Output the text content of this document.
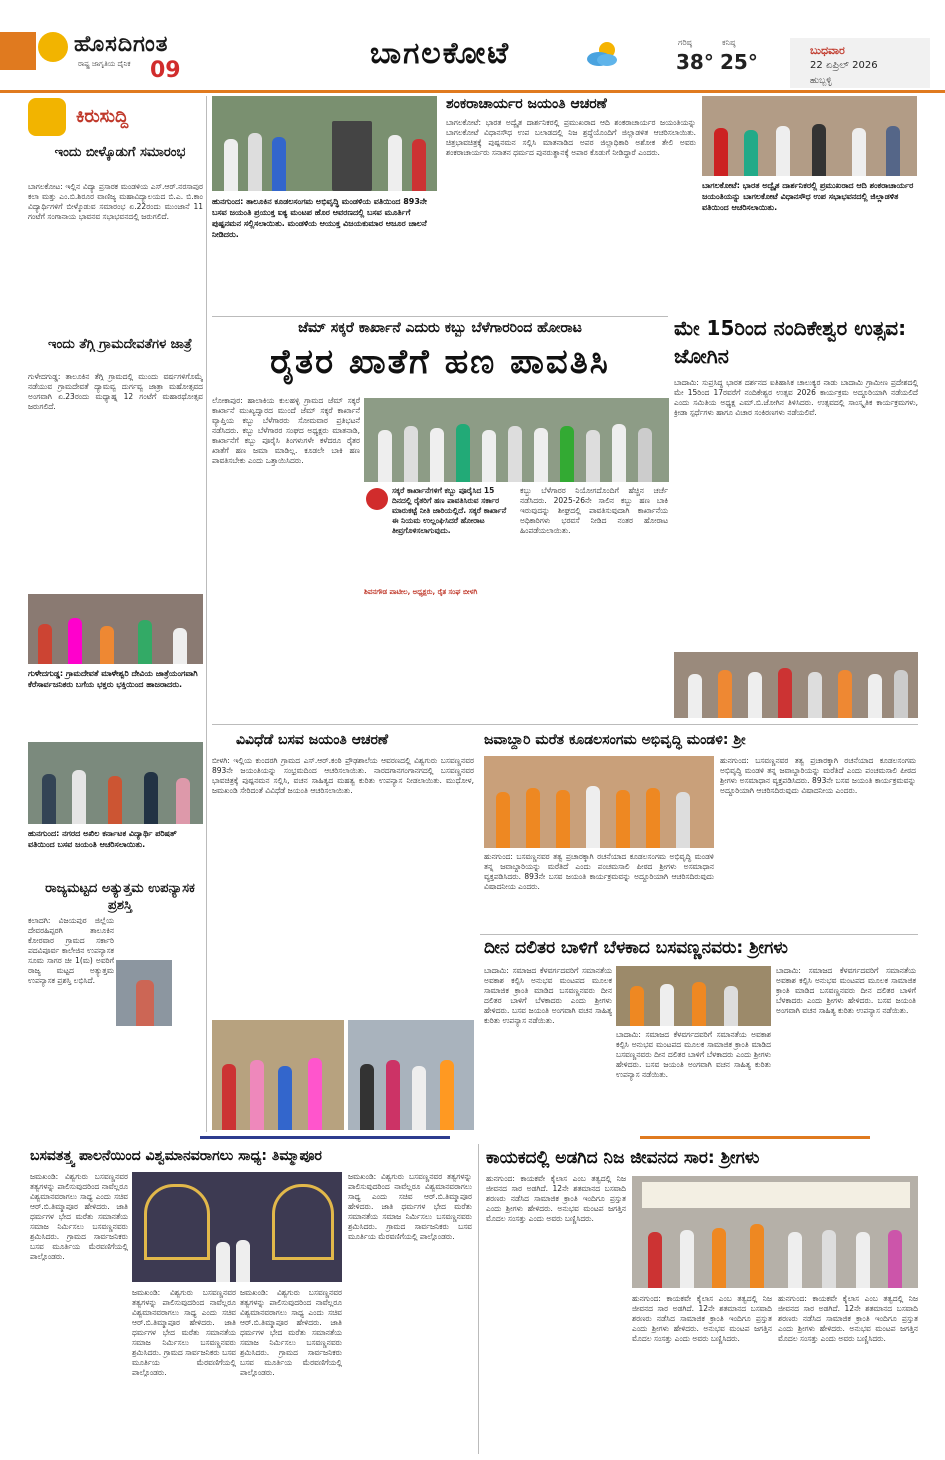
ಹೊಸದಿಗಂತ
ರಾಷ್ಟ್ರ ಜಾಗೃತಿಯ ದೈನಿಕ 09	ಬಾಗಲಕೋಟೆ	ಗರಿಷ್ಠ
38°
ಕನಿಷ್ಠ
25°	ಬುಧವಾರ
22 ಏಪ್ರಿಲ್ 2026
ಹುಬ್ಬಳ್ಳಿ
ಕಿರುಸುದ್ದಿ
ಇಂದು ಬೀಳ್ಕೊಡುಗೆ ಸಮಾರಂಭ
ಬಾಗಲಕೋಟ: ಇಲ್ಲಿನ ವಿದ್ಯಾ ಪ್ರಸಾರಕ ಮಂಡಳಿಯ ಎಸ್.ಆರ್.ನರಸಾಪುರ ಕಲಾ ಮತ್ತು ಎಂ.ಬಿ.ಶಿರೂರ ವಾಣಿಜ್ಯ ಮಹಾವಿದ್ಯಾಲಯದ ಬಿ.ಎ. ಬಿ.ಕಾಂ ವಿದ್ಯಾರ್ಥಿಗಳಿಗೆ ಬೀಳ್ಕೊಡುವ ಸಮಾರಂಭ ಏ.22ರಂದು ಮುಂಜಾನೆ 11 ಗಂಟೆಗೆ ಸಂಗಾನಾಯ ಭಾವನವ ಸಭಾಭವನದಲ್ಲಿ ಜರುಗಲಿದೆ.
ಇಂದು ತೆಗ್ಗಿ ಗ್ರಾಮದೇವತೆಗಳ ಜಾತ್ರೆ
ಗುಳೇದಗುಡ್ಡ: ತಾಲೂಕಿನ ತೆಗ್ಗಿ ಗ್ರಾಮದಲ್ಲಿ ಮುಂದು ವರ್ಷಗಳಿಗೊಮ್ಮೆ ನಡೆಯುವ ಗ್ರಾಮದೇವತೆ ದ್ಯಾಮವ್ವ ದುರ್ಗವ್ವ ಜಾತ್ರಾ ಮಹೋತ್ಸವದ ಅಂಗವಾಗಿ ಏ.23ರಂದು ಮಧ್ಯಾಹ್ನ 12 ಗಂಟೆಗೆ ಮಹಾರಥೋತ್ಸವ ಜರುಗಲಿದೆ.
ಗುಳೇದಗುಡ್ಡ: ಗ್ರಾಮದೇವತೆ ಮಾಳೇಶ್ವರಿ ದೇವಿಯ ಜಾತ್ರೆಯಂಗವಾಗಿ ಕೆರೆಸಾರ್ವಜನಿಕರು ಬಗೆಯ ಭಕ್ತರು ಭಕ್ತಿಯಿಂದ ಹಾಜರಾದರು.
ಹುನಗುಂದ: ನಗರದ ಅಖಿಲ ಕರ್ನಾಟಕ ವಿದ್ಯಾರ್ಥಿ ಪರಿಷತ್ ವತಿಯಿಂದ ಬಸವ ಜಯಂತಿ ಆಚರಿಸಲಾಯಿತು.
ರಾಜ್ಯಮಟ್ಟದ ಅತ್ಯುತ್ತಮ ಉಪನ್ಯಾಸಕ ಪ್ರಶಸ್ತಿ
ಕಲಾದಗಿ: ವಿಜಯಪುರ ಜಿಲ್ಲೆಯ ದೇವರಹಿಪ್ಪರಗಿ ತಾಲೂಕಿನ ಕೋರವಾರ ಗ್ರಾಮದ ಸರ್ಕಾರಿ ಪದವಿಪೂರ್ವ ಕಾಲೇಜಿನ ಉಪನ್ಯಾಸಕ ಸೂಮ ಸಾಗರ ಚೀ 1(ಮ) ಅವರಿಗೆ ರಾಜ್ಯ ಮಟ್ಟದ ಅತ್ಯುತ್ತಮ ಉಪನ್ಯಾಸಕ ಪ್ರಶಸ್ತಿ ಲಭಿಸಿದೆ.
ಹುನಗುಂದ: ತಾಲೂಕಿನ ಕೂಡಲಸಂಗಮ ಅಭಿವೃದ್ಧಿ ಮಂಡಳಿಯ ವತಿಯಿಂದ 893ನೇ ಬಸವ ಜಯಂತಿ ಪ್ರಯುಕ್ತ ಐಕ್ಯ ಮಂಟಪ ಹೊರ ಆವರಣದಲ್ಲಿ ಬಸವ ಮೂರ್ತಿಗೆ ಪುಷ್ಪನಮನ ಸಲ್ಲಿಸಲಾಯಿತು. ಮಂಡಳಿಯ ಆಯುಕ್ತ ವಿಜಯಕುಮಾರ ಆಜೂರ ಚಾಲನೆ ನೀಡಿದರು.
ಶಂಕರಾಚಾರ್ಯರ ಜಯಂತಿ ಆಚರಣೆ
ಬಾಗಲಕೋಟೆ: ಭಾರತ ಅದ್ವೈತ ದಾರ್ಶನಿಕರಲ್ಲಿ ಪ್ರಮುಖರಾದ ಆದಿ ಶಂಕರಾಚಾರ್ಯರ ಜಯಂತಿಯನ್ನು ಬಾಗಲಕೋಟೆ ವಿಧಾನಸೌಧ ಉಪ ಬಲಾಡದಲ್ಲಿ ನಿಜ ಶ್ರದ್ಧೆಯೊಂದಿಗೆ ಜಿಲ್ಲಾಡಳಿತ ಆಚರಿಸಲಾಯಿತು. ಚಿತ್ರಭಾವಚಿತ್ರಕ್ಕೆ ಪುಷ್ಪನಮನ ಸಲ್ಲಿಸಿ ಮಾತನಾಡಿದ ಅಪರ ಜಿಲ್ಲಾಧಿಕಾರಿ ಅಶೋಕ ತೇಲಿ ಅವರು ಶಂಕರಾಚಾರ್ಯರು ಸನಾತನ ಧರ್ಮದ ಪುನರುತ್ಥಾನಕ್ಕೆ ಅಪಾರ ಕೊಡುಗೆ ನೀಡಿದ್ದಾರೆ ಎಂದರು.
ಬಾಗಲಕೋಟೆ: ಭಾರತ ಅದ್ವೈತ ದಾರ್ಶನಿಕರಲ್ಲಿ ಪ್ರಮುಖರಾದ ಆದಿ ಶಂಕರಾಚಾರ್ಯರ ಜಯಂತಿಯನ್ನು ಬಾಗಲಕೋಟೆ ವಿಧಾನಸೌಧ ಉಪ ಸಭಾಭವನದಲ್ಲಿ ಜಿಲ್ಲಾಡಳಿತ ವತಿಯಿಂದ ಆಚರಿಸಲಾಯಿತು.
ಜೆಮ್ ಸಕ್ಕರೆ ಕಾರ್ಖಾನೆ ಎದುರು ಕಬ್ಬು ಬೆಳೆಗಾರರಿಂದ ಹೋರಾಟ
ರೈತರ ಖಾತೆಗೆ ಹಣ ಪಾವತಿಸಿ
ಲೋಕಾಪುರ: ಹಾಲಾಕಿಯ ಕುಲಹಳ್ಳಿ ಗ್ರಾಮದ ಜೆಮ್ ಸಕ್ಕರೆ ಕಾರ್ಖಾನೆ ಮುಖ್ಯದ್ವಾರದ ಮುಂದೆ ಜೆಮ್ ಸಕ್ಕರೆ ಕಾರ್ಖಾನೆ ವ್ಯಾಪ್ತಿಯ ಕಬ್ಬು ಬೆಳೆಗಾರರು ಸೋಮವಾರ ಪ್ರತಿಭಟನೆ ನಡೆಸಿದರು. ಕಬ್ಬು ಬೆಳೆಗಾರರ ಸಂಘದ ಅಧ್ಯಕ್ಷರು ಮಾತನಾಡಿ, ಕಾರ್ಖಾನೆಗೆ ಕಬ್ಬು ಪೂರೈಸಿ ತಿಂಗಳುಗಳೇ ಕಳೆದರೂ ರೈತರ ಖಾತೆಗೆ ಹಣ ಜಮಾ ಮಾಡಿಲ್ಲ. ಕೂಡಲೇ ಬಾಕಿ ಹಣ ಪಾವತಿಸಬೇಕು ಎಂದು ಒತ್ತಾಯಿಸಿದರು.
ಸಕ್ಕರೆ ಕಾರ್ಖಾನೆಗಳಿಗೆ ಕಬ್ಬು ಪೂರೈಸಿದ 15 ದಿನದಲ್ಲಿ ರೈತರಿಗೆ ಹಣ ಪಾವತಿಸಿರುವ ಸರ್ಕಾರ ಮಾರುಕಟ್ಟೆ ನೀತಿ ಜಾರಿಯಲ್ಲಿದೆ. ಸಕ್ಕರೆ ಕಾರ್ಖಾನೆ ಈ ನಿಯಮ ಉಲ್ಲಂಘಿಸಿದರೆ ಹೋರಾಟ ತೀವ್ರಗೊಳಿಸಲಾಗುವುದು.
ಶಿವನಗೌಡ ಪಾಟೀಲ, ಅಧ್ಯಕ್ಷರು, ರೈತ ಸಂಘ ಬೀಳಗಿ
ಕಬ್ಬು ಬೆಳೆಗಾರರ ನಿಯೋಗದೊಂದಿಗೆ ಹೆಚ್ಚಿನ ಚರ್ಚೆ ನಡೆಸಿದರು. 2025-26ನೇ ಸಾಲಿನ ಕಬ್ಬು ಹಣ ಬಾಕಿ ಇರುವುದನ್ನು ಶೀಘ್ರದಲ್ಲಿ ಪಾವತಿಸುವುದಾಗಿ ಕಾರ್ಖಾನೆಯ ಅಧಿಕಾರಿಗಳು ಭರವಸೆ ನೀಡಿದ ನಂತರ ಹೋರಾಟ ಹಿಂಪಡೆಯಲಾಯಿತು.
ಮೇ 15ರಿಂದ ನಂದಿಕೇಶ್ವರ ಉತ್ಸವ: ಜೋಗಿನ
ಬಾದಾಮಿ: ಸುಪ್ರಸಿದ್ಧ ಭಾರತ ದರ್ಶನದ ಐತಿಹಾಸಿಕ ಚಾಲುಕ್ಯರ ನಾಡು ಬಾದಾಮಿ ಗ್ರಾಮೀಣ ಪ್ರದೇಶದಲ್ಲಿ ಮೇ 15ರಿಂದ 17ರವರೆಗೆ ನಂದಿಕೇಶ್ವರ ಉತ್ಸವ 2026 ಕಾರ್ಯಕ್ರಮ ಅದ್ದೂರಿಯಾಗಿ ನಡೆಯಲಿದೆ ಎಂದು ಸಮಿತಿಯ ಅಧ್ಯಕ್ಷ ಎಮ್.ಬಿ.ಜೋಗಿನ ತಿಳಿಸಿದರು. ಉತ್ಸವದಲ್ಲಿ ಸಾಂಸ್ಕೃತಿಕ ಕಾರ್ಯಕ್ರಮಗಳು, ಕ್ರೀಡಾ ಸ್ಪರ್ಧೆಗಳು ಹಾಗೂ ವಿಚಾರ ಸಂಕಿರಣಗಳು ನಡೆಯಲಿವೆ.
ವಿವಿಧೆಡೆ ಬಸವ ಜಯಂತಿ ಆಚರಣೆ
ಬೀಳಗಿ: ಇಲ್ಲಿಯ ಕುಂದರಗಿ ಗ್ರಾಮದ ಎಸ್.ಆರ್.ಕಂಠಿ ಪ್ರೌಢಶಾಲೆಯ ಆವರಣದಲ್ಲಿ ವಿಶ್ವಗುರು ಬಸವಣ್ಣನವರ 893ನೇ ಜಯಂತಿಯನ್ನು ಸಂಭ್ರಮದಿಂದ ಆಚರಿಸಲಾಯಿತು. ನಾರದಗಾನಗಂಗಾನಗದಲ್ಲಿ ಬಸವಣ್ಣನವರ ಭಾವಚಿತ್ರಕ್ಕೆ ಪುಷ್ಪನಮನ ಸಲ್ಲಿಸಿ, ವಚನ ಸಾಹಿತ್ಯದ ಮಹತ್ವ ಕುರಿತು ಉಪನ್ಯಾಸ ನೀಡಲಾಯಿತು. ಮುಧೋಳ, ಜಮಖಂಡಿ ಸೇರಿದಂತೆ ವಿವಿಧೆಡೆ ಜಯಂತಿ ಆಚರಿಸಲಾಯಿತು.
ಜವಾಬ್ದಾರಿ ಮರೆತ ಕೂಡಲಸಂಗಮ ಅಭಿವೃದ್ಧಿ ಮಂಡಳಿ: ಶ್ರೀ
ಹುನಗುಂದ: ಬಸವಣ್ಣನವರ ತತ್ವ ಪ್ರಚಾರಕ್ಕಾಗಿ ರಚನೆಯಾದ ಕೂಡಲಸಂಗಮ ಅಭಿವೃದ್ಧಿ ಮಂಡಳಿ ತನ್ನ ಜವಾಬ್ದಾರಿಯನ್ನು ಮರೆತಿದೆ ಎಂದು ಪಂಚಮಸಾಲಿ ಪೀಠದ ಶ್ರೀಗಳು ಅಸಮಾಧಾನ ವ್ಯಕ್ತಪಡಿಸಿದರು. 893ನೇ ಬಸವ ಜಯಂತಿ ಕಾರ್ಯಕ್ರಮವನ್ನು ಅದ್ದೂರಿಯಾಗಿ ಆಚರಿಸದಿರುವುದು ವಿಷಾದನೀಯ ಎಂದರು.
ಹುನಗುಂದ: ಬಸವಣ್ಣನವರ ತತ್ವ ಪ್ರಚಾರಕ್ಕಾಗಿ ರಚನೆಯಾದ ಕೂಡಲಸಂಗಮ ಅಭಿವೃದ್ಧಿ ಮಂಡಳಿ ತನ್ನ ಜವಾಬ್ದಾರಿಯನ್ನು ಮರೆತಿದೆ ಎಂದು ಪಂಚಮಸಾಲಿ ಪೀಠದ ಶ್ರೀಗಳು ಅಸಮಾಧಾನ ವ್ಯಕ್ತಪಡಿಸಿದರು. 893ನೇ ಬಸವ ಜಯಂತಿ ಕಾರ್ಯಕ್ರಮವನ್ನು ಅದ್ದೂರಿಯಾಗಿ ಆಚರಿಸದಿರುವುದು ವಿಷಾದನೀಯ ಎಂದರು.
ದೀನ ದಲಿತರ ಬಾಳಿಗೆ ಬೆಳಕಾದ ಬಸವಣ್ಣನವರು: ಶ್ರೀಗಳು
ಬಾದಾಮಿ: ಸಮಾಜದ ಕೆಳವರ್ಗದವರಿಗೆ ಸಮಾನತೆಯ ಅವಕಾಶ ಕಲ್ಪಿಸಿ ಅನುಭವ ಮಂಟಪದ ಮೂಲಕ ಸಾಮಾಜಿಕ ಕ್ರಾಂತಿ ಮಾಡಿದ ಬಸವಣ್ಣನವರು ದೀನ ದಲಿತರ ಬಾಳಿಗೆ ಬೆಳಕಾದರು ಎಂದು ಶ್ರೀಗಳು ಹೇಳಿದರು. ಬಸವ ಜಯಂತಿ ಅಂಗವಾಗಿ ವಚನ ಸಾಹಿತ್ಯ ಕುರಿತು ಉಪನ್ಯಾಸ ನಡೆಯಿತು.
ಬಾದಾಮಿ: ಸಮಾಜದ ಕೆಳವರ್ಗದವರಿಗೆ ಸಮಾನತೆಯ ಅವಕಾಶ ಕಲ್ಪಿಸಿ ಅನುಭವ ಮಂಟಪದ ಮೂಲಕ ಸಾಮಾಜಿಕ ಕ್ರಾಂತಿ ಮಾಡಿದ ಬಸವಣ್ಣನವರು ದೀನ ದಲಿತರ ಬಾಳಿಗೆ ಬೆಳಕಾದರು ಎಂದು ಶ್ರೀಗಳು ಹೇಳಿದರು. ಬಸವ ಜಯಂತಿ ಅಂಗವಾಗಿ ವಚನ ಸಾಹಿತ್ಯ ಕುರಿತು ಉಪನ್ಯಾಸ ನಡೆಯಿತು.
ಬಾದಾಮಿ: ಸಮಾಜದ ಕೆಳವರ್ಗದವರಿಗೆ ಸಮಾನತೆಯ ಅವಕಾಶ ಕಲ್ಪಿಸಿ ಅನುಭವ ಮಂಟಪದ ಮೂಲಕ ಸಾಮಾಜಿಕ ಕ್ರಾಂತಿ ಮಾಡಿದ ಬಸವಣ್ಣನವರು ದೀನ ದಲಿತರ ಬಾಳಿಗೆ ಬೆಳಕಾದರು ಎಂದು ಶ್ರೀಗಳು ಹೇಳಿದರು. ಬಸವ ಜಯಂತಿ ಅಂಗವಾಗಿ ವಚನ ಸಾಹಿತ್ಯ ಕುರಿತು ಉಪನ್ಯಾಸ ನಡೆಯಿತು.
ಬಸವತತ್ತ್ವ ಪಾಲನೆಯಿಂದ ವಿಶ್ವಮಾನವರಾಗಲು ಸಾಧ್ಯ: ತಿಮ್ಮಾಪೂರ
ಜಮಖಂಡಿ: ವಿಶ್ವಗುರು ಬಸವಣ್ಣನವರ ತತ್ವಗಳನ್ನು ಪಾಲಿಸುವುದರಿಂದ ನಾವೆಲ್ಲರೂ ವಿಶ್ವಮಾನವರಾಗಲು ಸಾಧ್ಯ ಎಂದು ಸಚಿವ ಆರ್.ಬಿ.ತಿಮ್ಮಾಪೂರ ಹೇಳಿದರು. ಜಾತಿ ಧರ್ಮಗಳ ಭೇದ ಮರೆತು ಸಮಾನತೆಯ ಸಮಾಜ ನಿರ್ಮಿಸಲು ಬಸವಣ್ಣನವರು ಶ್ರಮಿಸಿದರು. ಗ್ರಾಮದ ಸಾರ್ವಜನಿಕರು ಬಸವ ಮೂರ್ತಿಯ ಮೆರವಣಿಗೆಯಲ್ಲಿ ಪಾಲ್ಗೊಂಡರು.
ಜಮಖಂಡಿ: ವಿಶ್ವಗುರು ಬಸವಣ್ಣನವರ ತತ್ವಗಳನ್ನು ಪಾಲಿಸುವುದರಿಂದ ನಾವೆಲ್ಲರೂ ವಿಶ್ವಮಾನವರಾಗಲು ಸಾಧ್ಯ ಎಂದು ಸಚಿವ ಆರ್.ಬಿ.ತಿಮ್ಮಾಪೂರ ಹೇಳಿದರು. ಜಾತಿ ಧರ್ಮಗಳ ಭೇದ ಮರೆತು ಸಮಾನತೆಯ ಸಮಾಜ ನಿರ್ಮಿಸಲು ಬಸವಣ್ಣನವರು ಶ್ರಮಿಸಿದರು. ಗ್ರಾಮದ ಸಾರ್ವಜನಿಕರು ಬಸವ ಮೂರ್ತಿಯ ಮೆರವಣಿಗೆಯಲ್ಲಿ ಪಾಲ್ಗೊಂಡರು.
ಜಮಖಂಡಿ: ವಿಶ್ವಗುರು ಬಸವಣ್ಣನವರ ತತ್ವಗಳನ್ನು ಪಾಲಿಸುವುದರಿಂದ ನಾವೆಲ್ಲರೂ ವಿಶ್ವಮಾನವರಾಗಲು ಸಾಧ್ಯ ಎಂದು ಸಚಿವ ಆರ್.ಬಿ.ತಿಮ್ಮಾಪೂರ ಹೇಳಿದರು. ಜಾತಿ ಧರ್ಮಗಳ ಭೇದ ಮರೆತು ಸಮಾನತೆಯ ಸಮಾಜ ನಿರ್ಮಿಸಲು ಬಸವಣ್ಣನವರು ಶ್ರಮಿಸಿದರು. ಗ್ರಾಮದ ಸಾರ್ವಜನಿಕರು ಬಸವ ಮೂರ್ತಿಯ ಮೆರವಣಿಗೆಯಲ್ಲಿ ಪಾಲ್ಗೊಂಡರು.
ಜಮಖಂಡಿ: ವಿಶ್ವಗುರು ಬಸವಣ್ಣನವರ ತತ್ವಗಳನ್ನು ಪಾಲಿಸುವುದರಿಂದ ನಾವೆಲ್ಲರೂ ವಿಶ್ವಮಾನವರಾಗಲು ಸಾಧ್ಯ ಎಂದು ಸಚಿವ ಆರ್.ಬಿ.ತಿಮ್ಮಾಪೂರ ಹೇಳಿದರು. ಜಾತಿ ಧರ್ಮಗಳ ಭೇದ ಮರೆತು ಸಮಾನತೆಯ ಸಮಾಜ ನಿರ್ಮಿಸಲು ಬಸವಣ್ಣನವರು ಶ್ರಮಿಸಿದರು. ಗ್ರಾಮದ ಸಾರ್ವಜನಿಕರು ಬಸವ ಮೂರ್ತಿಯ ಮೆರವಣಿಗೆಯಲ್ಲಿ ಪಾಲ್ಗೊಂಡರು.
ಕಾಯಕದಲ್ಲಿ ಅಡಗಿದ ನಿಜ ಜೀವನದ ಸಾರ: ಶ್ರೀಗಳು
ಹುನಗುಂದ: ಕಾಯಕವೇ ಕೈಲಾಸ ಎಂಬ ತತ್ವದಲ್ಲಿ ನಿಜ ಜೀವನದ ಸಾರ ಅಡಗಿದೆ. 12ನೇ ಶತಮಾನದ ಬಸವಾದಿ ಶರಣರು ನಡೆಸಿದ ಸಾಮಾಜಿಕ ಕ್ರಾಂತಿ ಇಂದಿಗೂ ಪ್ರಸ್ತುತ ಎಂದು ಶ್ರೀಗಳು ಹೇಳಿದರು. ಅನುಭವ ಮಂಟಪ ಜಗತ್ತಿನ ಮೊದಲ ಸಂಸತ್ತು ಎಂದು ಅವರು ಬಣ್ಣಿಸಿದರು.
ಹುನಗುಂದ: ಕಾಯಕವೇ ಕೈಲಾಸ ಎಂಬ ತತ್ವದಲ್ಲಿ ನಿಜ ಜೀವನದ ಸಾರ ಅಡಗಿದೆ. 12ನೇ ಶತಮಾನದ ಬಸವಾದಿ ಶರಣರು ನಡೆಸಿದ ಸಾಮಾಜಿಕ ಕ್ರಾಂತಿ ಇಂದಿಗೂ ಪ್ರಸ್ತುತ ಎಂದು ಶ್ರೀಗಳು ಹೇಳಿದರು. ಅನುಭವ ಮಂಟಪ ಜಗತ್ತಿನ ಮೊದಲ ಸಂಸತ್ತು ಎಂದು ಅವರು ಬಣ್ಣಿಸಿದರು.
ಹುನಗುಂದ: ಕಾಯಕವೇ ಕೈಲಾಸ ಎಂಬ ತತ್ವದಲ್ಲಿ ನಿಜ ಜೀವನದ ಸಾರ ಅಡಗಿದೆ. 12ನೇ ಶತಮಾನದ ಬಸವಾದಿ ಶರಣರು ನಡೆಸಿದ ಸಾಮಾಜಿಕ ಕ್ರಾಂತಿ ಇಂದಿಗೂ ಪ್ರಸ್ತುತ ಎಂದು ಶ್ರೀಗಳು ಹೇಳಿದರು. ಅನುಭವ ಮಂಟಪ ಜಗತ್ತಿನ ಮೊದಲ ಸಂಸತ್ತು ಎಂದು ಅವರು ಬಣ್ಣಿಸಿದರು.
